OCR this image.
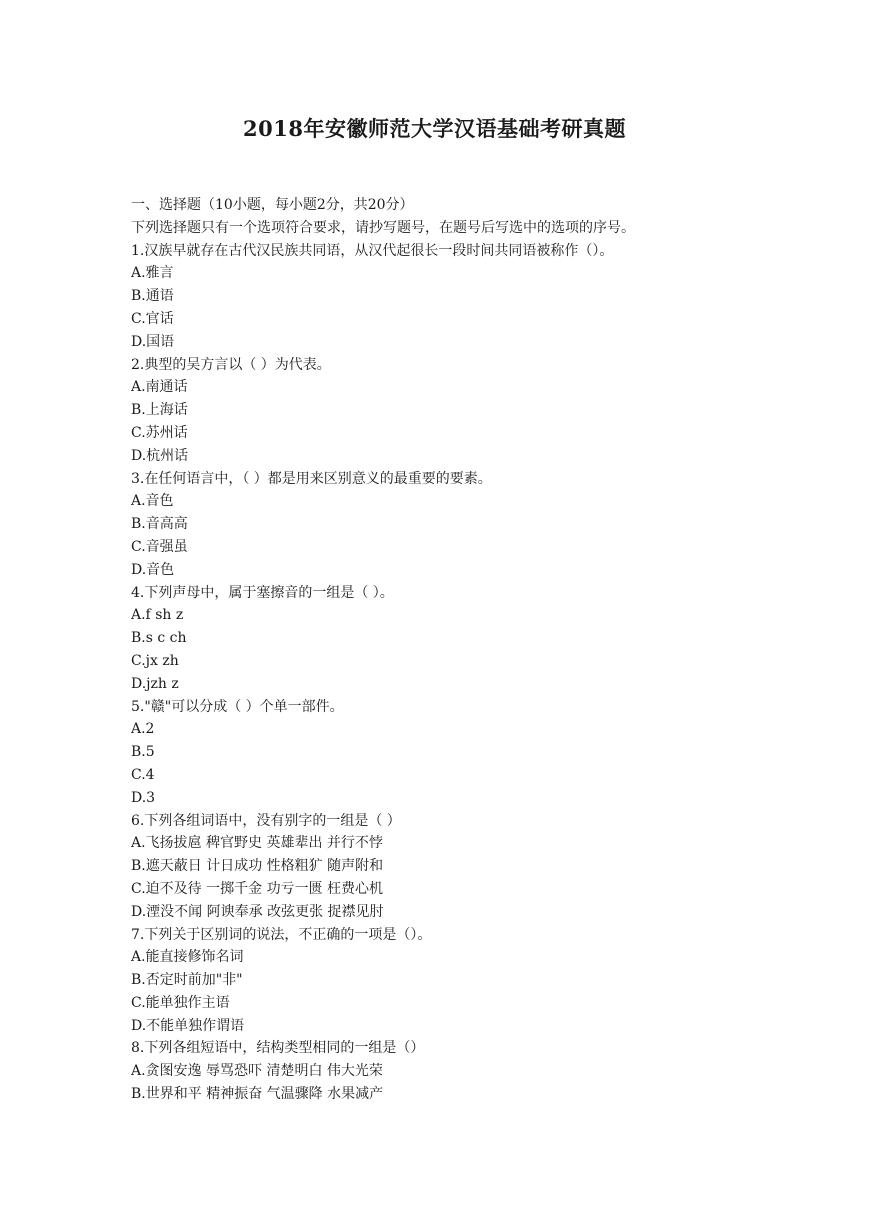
2018年安徽师范大学汉语基础考研真题
一、选择题（10小题，每小题2分，共20分）
下列选择题只有一个选项符合要求，请抄写题号，在题号后写选中的选项的序号。
1.汉族早就存在古代汉民族共同语，从汉代起很长一段时间共同语被称作（）。
A.雅言
B.通语
C.官话
D.国语
2.典型的吴方言以（ ）为代表。
A.南通话
B.上海话
C.苏州话
D.杭州话
3.在任何语言中，（ ）都是用来区别意义的最重要的要素。
A.音色
B.音高高
C.音强虽
D.音色
4.下列声母中，属于塞擦音的一组是（ ）。
A.f sh z
B.s c ch
C.jx zh
D.jzh z
5."赣"可以分成（ ）个单一部件。
A.2
B.5
C.4
D.3
6.下列各组词语中，没有别字的一组是（ ）
A.飞扬拔扈 稗官野史 英雄辈出 并行不悖
B.遮天蔽日 计日成功 性格粗犷 随声附和
C.迫不及待 一掷千金 功亏一匮 枉费心机
D.湮没不闻 阿谀奉承 改弦更张 捉襟见肘
7.下列关于区别词的说法，不正确的一项是（）。
A.能直接修饰名词
B.否定时前加"非"
C.能单独作主语
D.不能单独作谓语
8.下列各组短语中，结构类型相同的一组是（）
A.贪图安逸 辱骂恐吓 清楚明白 伟大光荣
B.世界和平 精神振奋 气温骤降 水果减产
